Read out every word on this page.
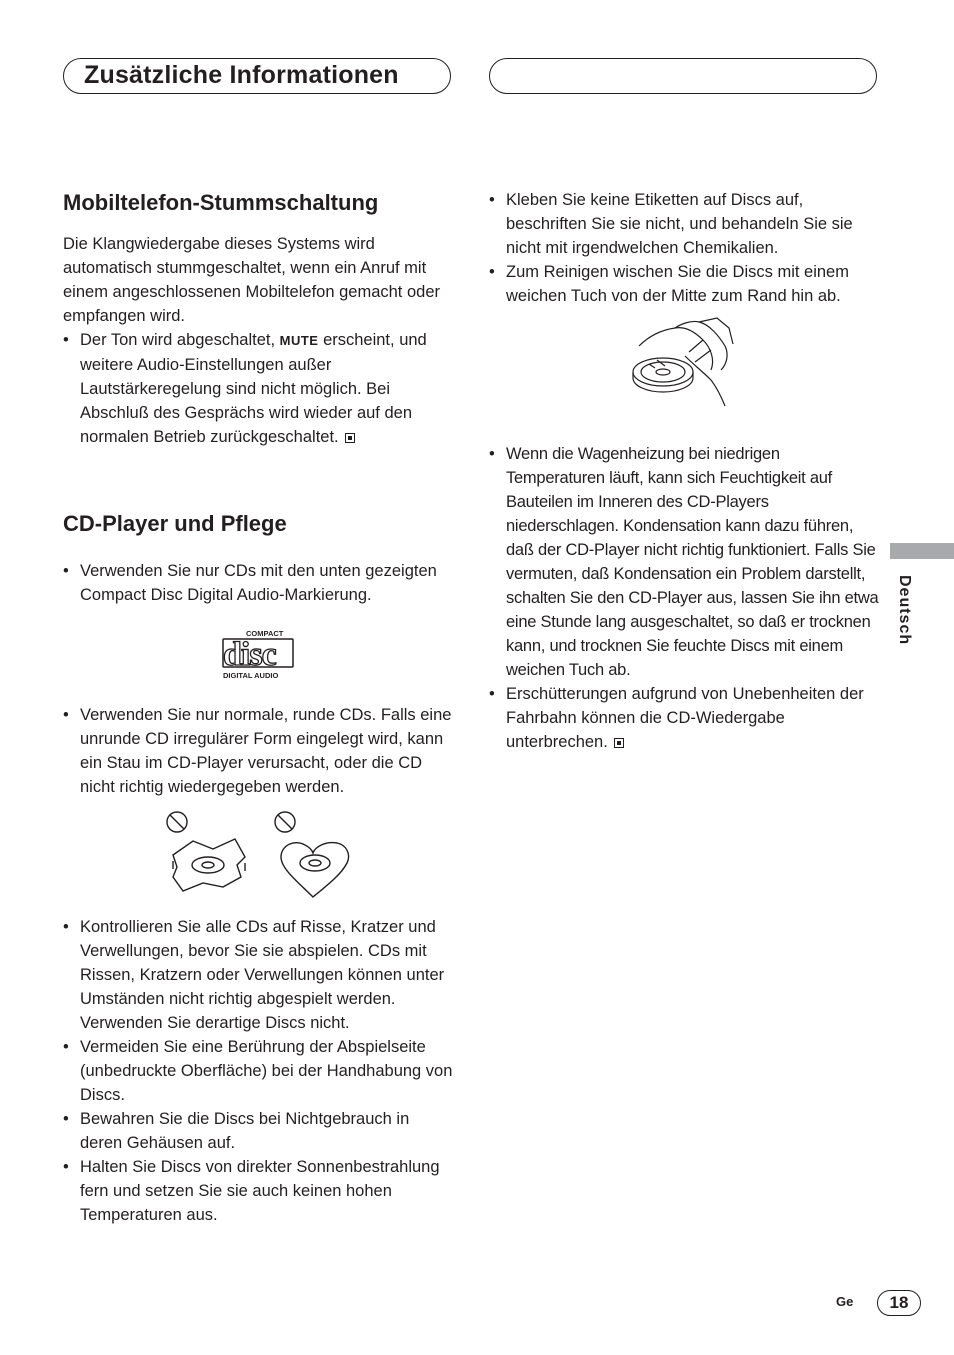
Zusätzliche Informationen
Mobiltelefon-Stummschaltung

Die Klangwiedergabe dieses Systems wird automatisch stummgeschaltet, wenn ein Anruf mit einem angeschlossenen Mobiltelefon gemacht oder empfangen wird.

• Der Ton wird abgeschaltet, MUTE erscheint, und weitere Audio-Einstellungen außer Lautstärkeregelung sind nicht möglich. Bei Abschluß des Gesprächs wird wieder auf den normalen Betrieb zurückgeschaltet.
CD-Player und Pflege
• Verwenden Sie nur CDs mit den unten gezeigten Compact Disc Digital Audio-Markierung.
COMPACT
disc
DIGITAL AUDIO
• Verwenden Sie nur normale, runde CDs. Falls eine unrunde CD irregulärer Form eingelegt wird, kann ein Stau im CD-Player verursacht, oder die CD nicht richtig wiedergegeben werden.
• Kontrollieren Sie alle CDs auf Risse, Kratzer und Verwellungen, bevor Sie sie abspielen. CDs mit Rissen, Kratzern oder Verwellungen können unter Umständen nicht richtig abgespielt werden. Verwenden Sie derartige Discs nicht.
• Vermeiden Sie eine Berührung der Abspielseite (unbedruckte Oberfläche) bei der Handhabung von Discs.
• Bewahren Sie die Discs bei Nichtgebrauch in deren Gehäusen auf.
• Halten Sie Discs von direkter Sonnenbestrahlung fern und setzen Sie sie auch keinen hohen Temperaturen aus.
• Kleben Sie keine Etiketten auf Discs auf, beschriften Sie sie nicht, und behandeln Sie sie nicht mit irgendwelchen Chemikalien.
• Zum Reinigen wischen Sie die Discs mit einem weichen Tuch von der Mitte zum Rand hin ab.
• Wenn die Wagenheizung bei niedrigen Temperaturen läuft, kann sich Feuchtigkeit auf Bauteilen im Inneren des CD-Players niederschlagen. Kondensation kann dazu führen, daß der CD-Player nicht richtig funktioniert. Falls Sie vermuten, daß Kondensation ein Problem darstellt, schalten Sie den CD-Player aus, lassen Sie ihn etwa eine Stunde lang ausgeschaltet, so daß er trocknen kann, und trocknen Sie feuchte Discs mit einem weichen Tuch ab.
• Erschütterungen aufgrund von Unebenheiten der Fahrbahn können die CD-Wiedergabe unterbrechen.
Deutsch
Ge	18
